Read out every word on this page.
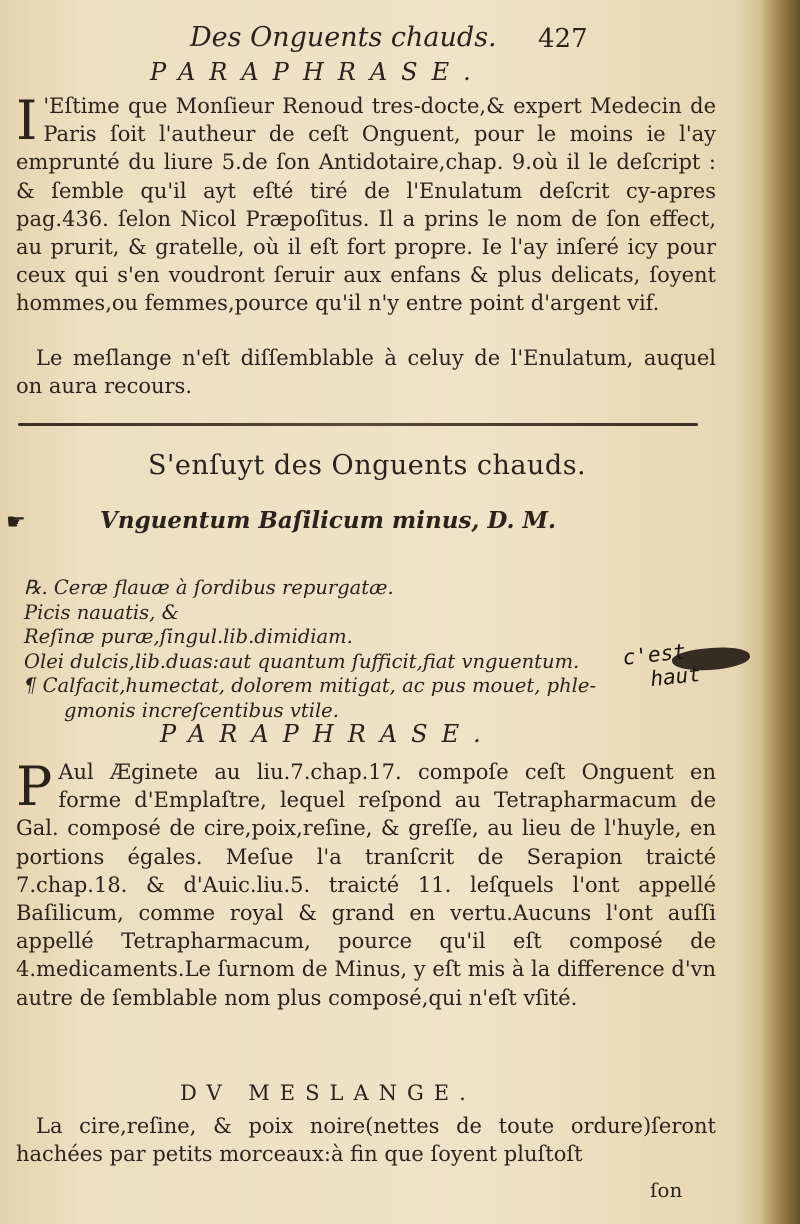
Des Onguents chauds. 427
PARAPHRASE.
I 'Eſtime que Monſieur Renoud tres-docte,& expert Medecin de Paris ſoit l'autheur de ceſt Onguent, pour le moins ie l'ay emprunté du liure 5.de ſon Antidotaire,chap. 9.où il le deſcript : & ſemble qu'il ayt eſté tiré de l'Enulatum deſcrit cy-apres pag.436. ſelon Nicol Præpoſitus. Il a prins le nom de ſon effect, au prurit, & gratelle, où il eſt fort propre. Ie l'ay inſeré icy pour ceux qui s'en voudront ſeruir aux enfans & plus delicats, ſoyent hommes,ou femmes,pource qu'il n'y entre point d'argent vif.
Le meſlange n'eſt diſſemblable à celuy de l'Enulatum, auquel on aura recours.
S'enſuyt des Onguents chauds.
☛	Vnguentum Baſilicum minus, D. M.
℞. Ceræ flauæ à ſordibus repurgatæ.
Picis nauatis, &
Reſinæ puræ,ſingul.lib.dimidiam.
Olei dulcis,lib.duas:aut quantum ſufficit,fiat vnguentum.
¶ Calfacit,humectat, dolorem mitigat, ac pus mouet, phle-
gmonis increſcentibus vtile.
c'est
haut
PARAPHRASE.
P Aul Æginete au liu.7.chap.17. compoſe ceſt Onguent en forme d'Emplaſtre, lequel reſpond au Tetrapharmacum de Gal. composé de cire,poix,reſine, & greſſe, au lieu de l'huyle, en portions égales. Meſue l'a tranſcrit de Serapion traicté 7.chap.18. & d'Auic.liu.5. traicté 11. leſquels l'ont appellé Baſilicum, comme royal & grand en vertu.Aucuns l'ont auſſi appellé Tetrapharmacum, pource qu'il eſt composé de 4.medicaments.Le ſurnom de Minus, y eſt mis à la difference d'vn autre de ſemblable nom plus composé,qui n'eſt vſité.
DV MESLANGE.
La cire,reſine, & poix noire(nettes de toute ordure)ſeront hachées par petits morceaux:à fin que ſoyent pluſtoſt
ſon
